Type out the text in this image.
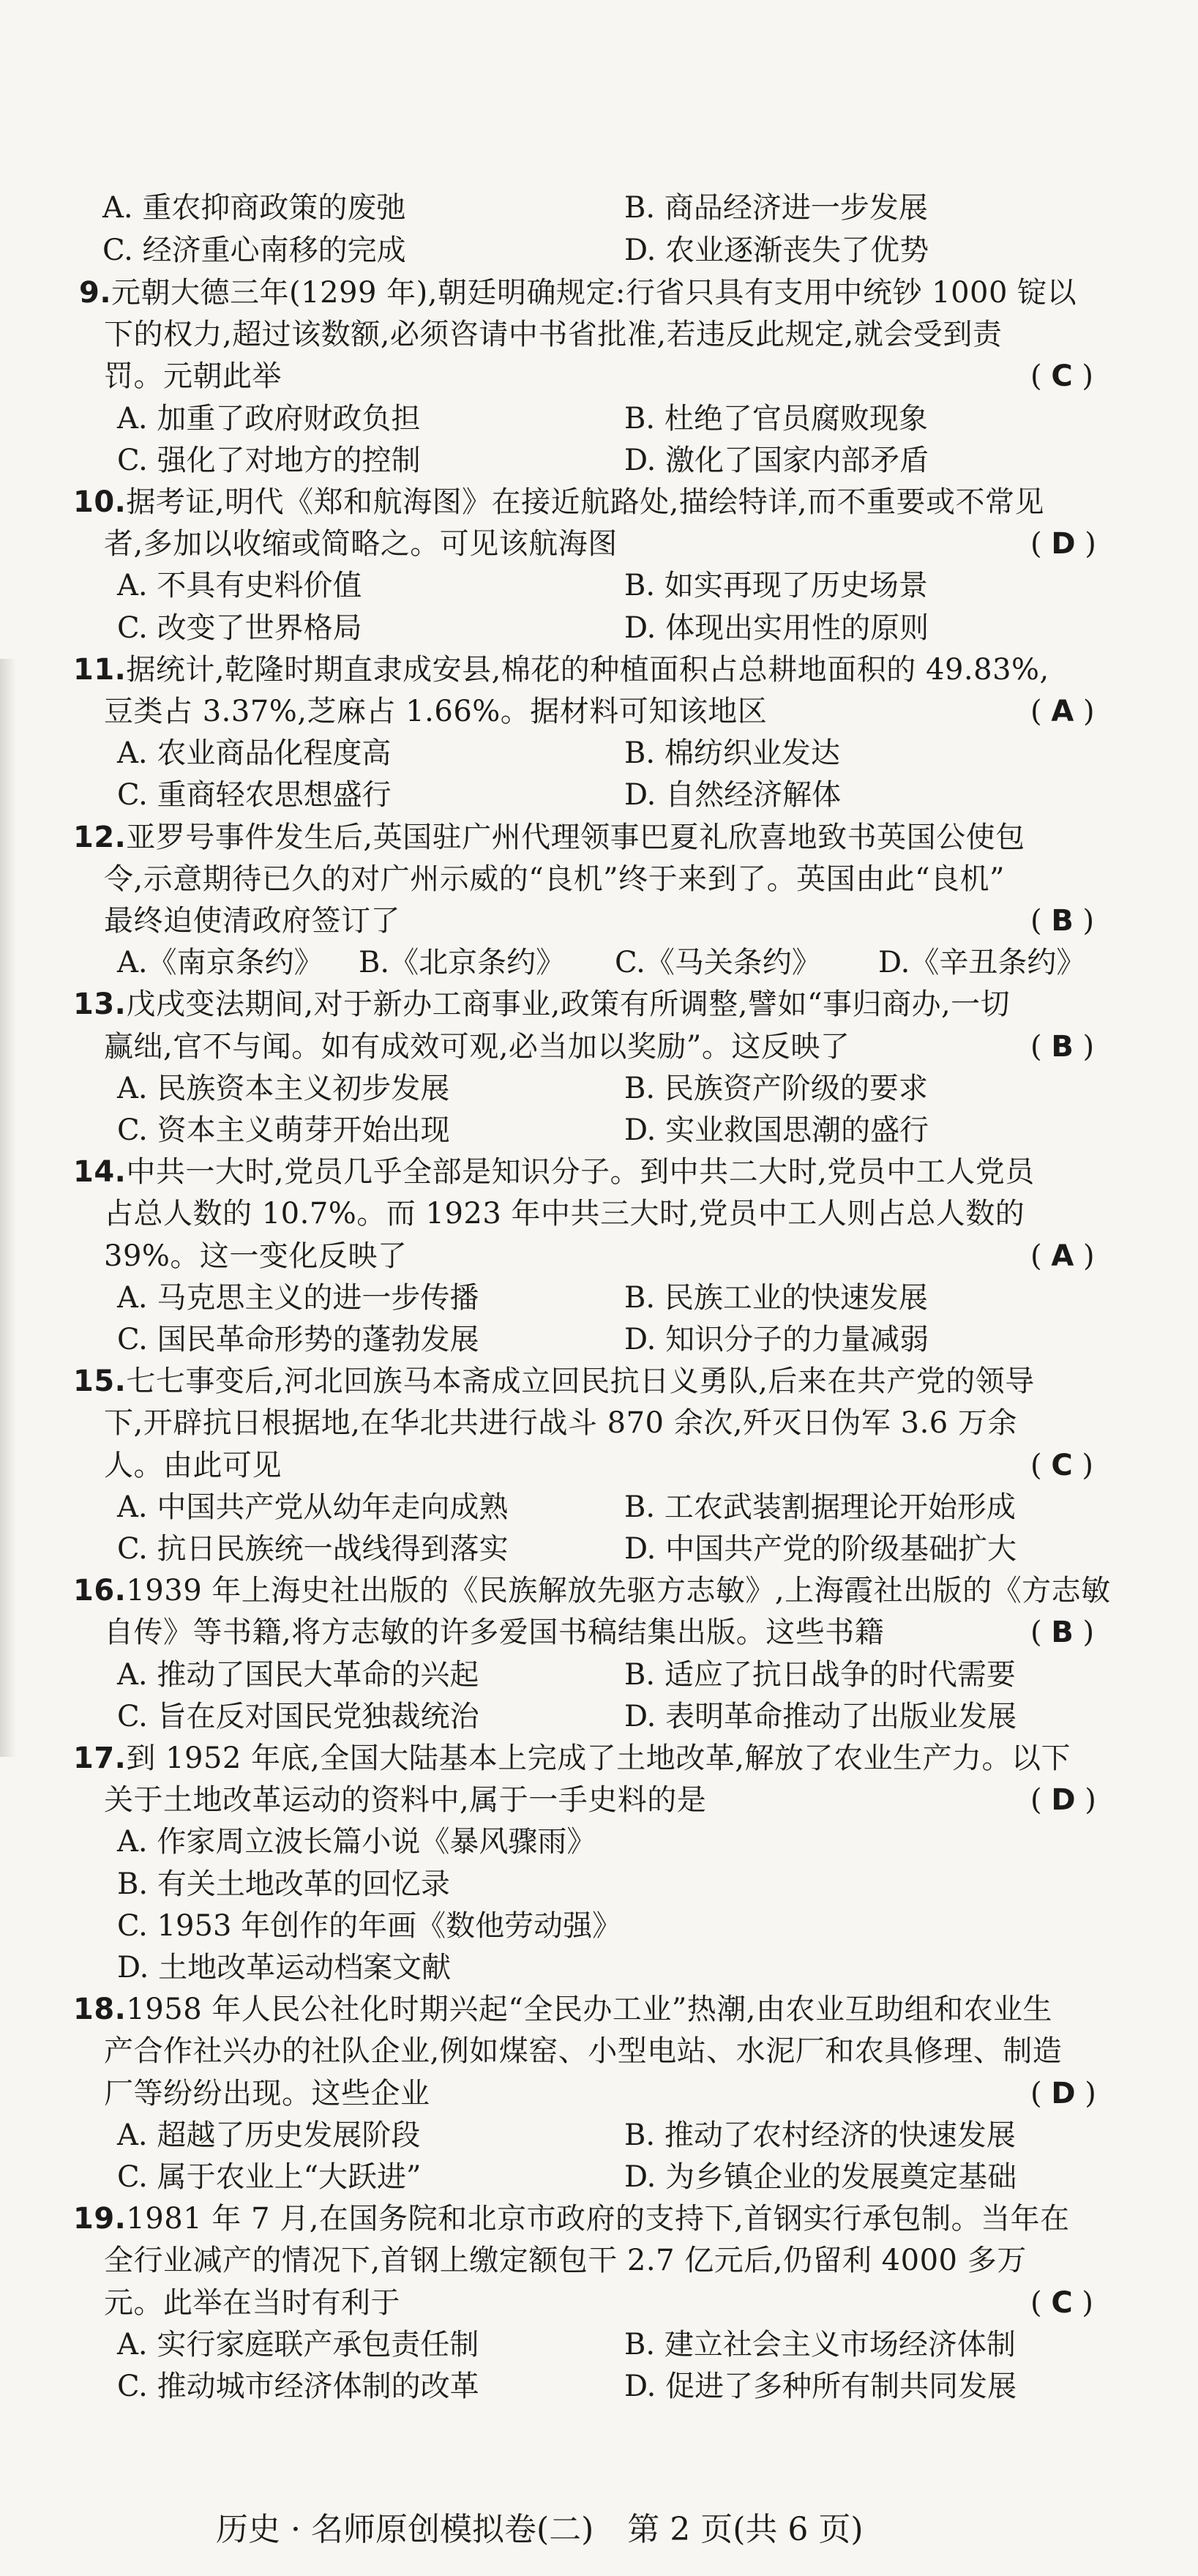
A. 重农抑商政策的废弛	B. 商品经济进一步发展
C. 经济重心南移的完成	D. 农业逐渐丧失了优势
9.元朝大德三年(1299 年),朝廷明确规定:行省只具有支用中统钞 1000 锭以
下的权力,超过该数额,必须咨请中书省批准,若违反此规定,就会受到责
罚。元朝此举	( C )
A. 加重了政府财政负担	B. 杜绝了官员腐败现象
C. 强化了对地方的控制	D. 激化了国家内部矛盾
10.据考证,明代《郑和航海图》在接近航路处,描绘特详,而不重要或不常见
者,多加以收缩或简略之。可见该航海图	( D )
A. 不具有史料价值	B. 如实再现了历史场景
C. 改变了世界格局	D. 体现出实用性的原则
11.据统计,乾隆时期直隶成安县,棉花的种植面积占总耕地面积的 49.83%,
豆类占 3.37%,芝麻占 1.66%。据材料可知该地区	( A )
A. 农业商品化程度高	B. 棉纺织业发达
C. 重商轻农思想盛行	D. 自然经济解体
12.亚罗号事件发生后,英国驻广州代理领事巴夏礼欣喜地致书英国公使包
令,示意期待已久的对广州示威的“良机”终于来到了。英国由此“良机”
最终迫使清政府签订了	( B )
A.《南京条约》 B.《北京条约》 C.《马关条约》 D.《辛丑条约》
13.戊戌变法期间,对于新办工商事业,政策有所调整,譬如“事归商办,一切
赢绌,官不与闻。如有成效可观,必当加以奖励”。这反映了	( B )
A. 民族资本主义初步发展	B. 民族资产阶级的要求
C. 资本主义萌芽开始出现	D. 实业救国思潮的盛行
14.中共一大时,党员几乎全部是知识分子。到中共二大时,党员中工人党员
占总人数的 10.7%。而 1923 年中共三大时,党员中工人则占总人数的
39%。这一变化反映了	( A )
A. 马克思主义的进一步传播	B. 民族工业的快速发展
C. 国民革命形势的蓬勃发展	D. 知识分子的力量减弱
15.七七事变后,河北回族马本斋成立回民抗日义勇队,后来在共产党的领导
下,开辟抗日根据地,在华北共进行战斗 870 余次,歼灭日伪军 3.6 万余
人。由此可见	( C )
A. 中国共产党从幼年走向成熟	B. 工农武装割据理论开始形成
C. 抗日民族统一战线得到落实	D. 中国共产党的阶级基础扩大
16.1939 年上海史社出版的《民族解放先驱方志敏》,上海霞社出版的《方志敏
自传》等书籍,将方志敏的许多爱国书稿结集出版。这些书籍	( B )
A. 推动了国民大革命的兴起	B. 适应了抗日战争的时代需要
C. 旨在反对国民党独裁统治	D. 表明革命推动了出版业发展
17.到 1952 年底,全国大陆基本上完成了土地改革,解放了农业生产力。以下
关于土地改革运动的资料中,属于一手史料的是	( D )
A. 作家周立波长篇小说《暴风骤雨》
B. 有关土地改革的回忆录
C. 1953 年创作的年画《数他劳动强》
D. 土地改革运动档案文献
18.1958 年人民公社化时期兴起“全民办工业”热潮,由农业互助组和农业生
产合作社兴办的社队企业,例如煤窑、小型电站、水泥厂和农具修理、制造
厂等纷纷出现。这些企业	( D )
A. 超越了历史发展阶段	B. 推动了农村经济的快速发展
C. 属于农业上“大跃进”	D. 为乡镇企业的发展奠定基础
19.1981 年 7 月,在国务院和北京市政府的支持下,首钢实行承包制。当年在
全行业减产的情况下,首钢上缴定额包干 2.7 亿元后,仍留利 4000 多万
元。此举在当时有利于	( C )
A. 实行家庭联产承包责任制	B. 建立社会主义市场经济体制
C. 推动城市经济体制的改革	D. 促进了多种所有制共同发展
历史 · 名师原创模拟卷(二) 第 2 页(共 6 页)
